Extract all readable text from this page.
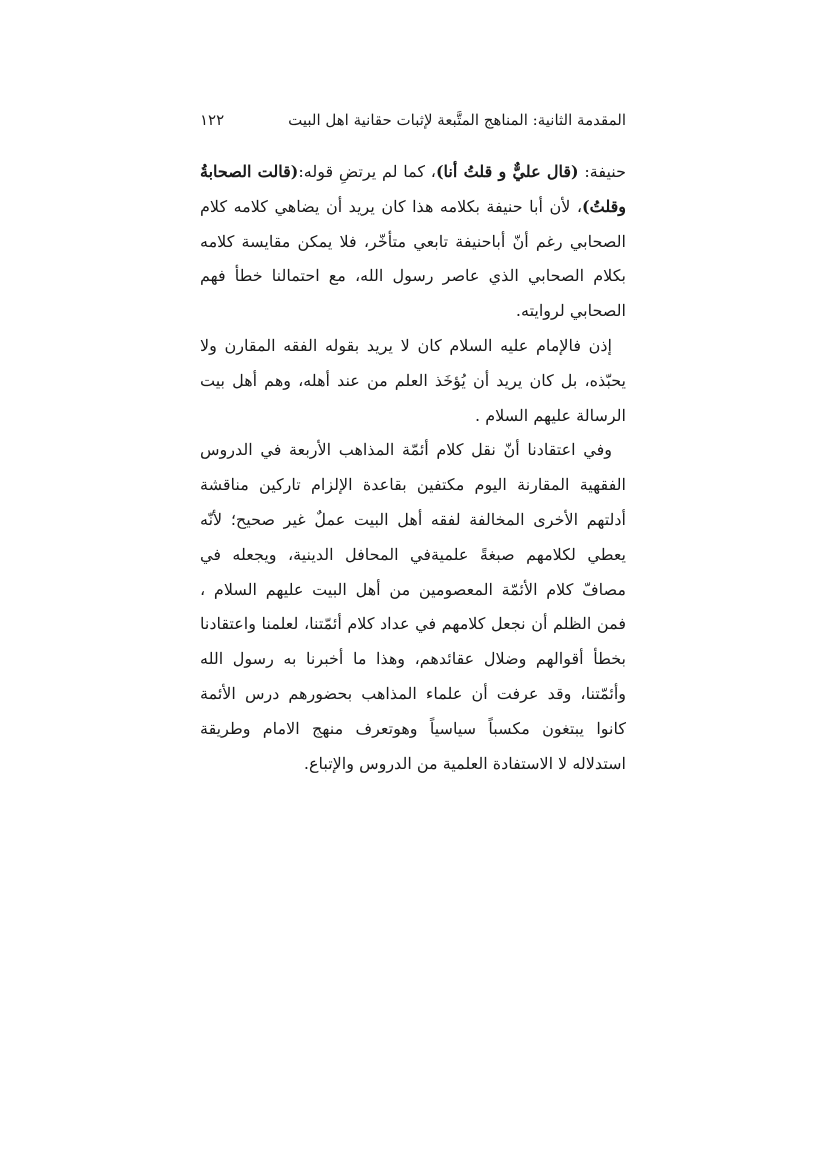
المقدمة الثانية: المناهج المتَّبعة لإثبات حقانية اهل البيت
١٢٢

حنيفة: (قال عليٌّ و قلتُ أنا)، كما لم يرتضِ قوله:(قالت الصحابةُ وقلتُ)، لأن أبا حنيفة بكلامه هذا كان يريد أن يضاهي كلامه كلام الصحابي رغم أنّ أباحنيفة تابعي متأخّر، فلا يمكن مقايسة كلامه بكلام الصحابي الذي عاصر رسول الله، مع احتمالنا خطأ فهم الصحابي لروايته.

إذن فالإمام عليه السلام كان لا يريد بقوله الفقه المقارن ولا يحبّذه، بل كان يريد أن يُؤخَذ العلم من عند أهله، وهم أهل بيت الرسالة عليهم السلام .

وفي اعتقادنا أنّ نقل كلام أئمّة المذاهب الأربعة في الدروس الفقهية المقارنة اليوم مكتفين بقاعدة الإلزام تاركين مناقشة أدلتهم الأخرى المخالفة لفقه أهل البيت عملٌ غير صحيح؛ لأنّه يعطي لكلامهم صبغةً علميةفي المحافل الدينية، ويجعله في مصافّ كلام الأئمّة المعصومين من أهل البيت عليهم السلام ، فمن الظلم أن نجعل كلامهم في عداد كلام أئمّتنا، لعلمنا واعتقادنا بخطأ أقوالهم وضلال عقائدهم، وهذا ما أخبرنا به رسول الله وأئمّتنا، وقد عرفت أن علماء المذاهب بحضورهم درس الأئمة كانوا يبتغون مكسباً سياسياً وهوتعرف منهج الامام وطريقة استدلاله لا الاستفادة العلمية من الدروس والإتباع.
